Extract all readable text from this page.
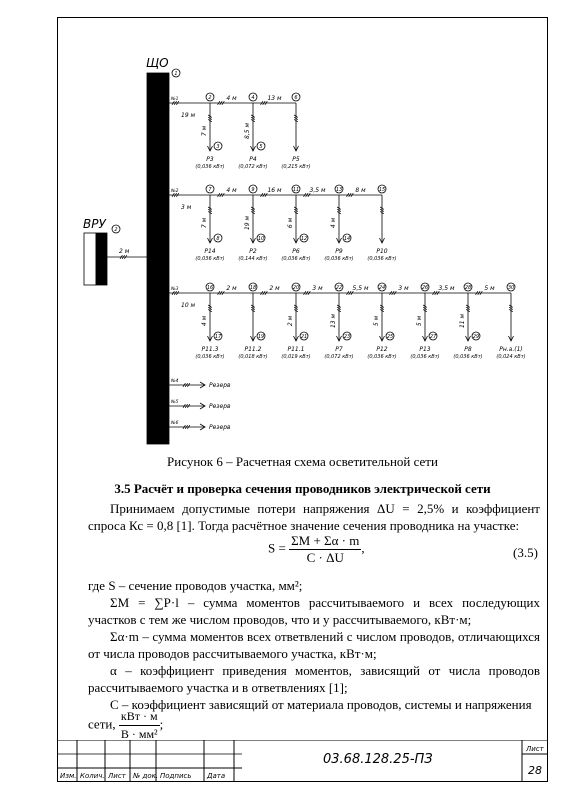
ЩО
1
ВРУ 2
2 м
№1
19 м
2
7 м
3
P3
(0,036 кВт)
4
8,5 м
5
P4
(0,072 кВт)
6
P5
(0,215 кВт)
4 м	13 м
№2
3 м
7
7 м
8
P14
(0,036 кВт)
9
19 м
10
P2
(0,144 кВт)
11
6 м
12
P6
(0,036 кВт)
13
4 м
14
P9
(0,036 кВт)
15
P10
(0,036 кВт)
4 м	16 м	3,5 м	8 м
№3
10 м
16
4 м
17
P11.3
(0,036 кВт)
18
19
P11.2
(0,018 кВт)
20
2 м
21
P11.1
(0,019 кВт)
22
13 м
23
P7
(0,072 кВт)
24
5 м
25
P12
(0,036 кВт)
26
5 м
27
P13
(0,036 кВт)
28
11 м
29
P8
(0,036 кВт)
30
Рн.а.(1)
(0,024 кВт)
2 м	2 м	3 м	5,5 м	3 м	3,5 м	5 м
№4
Резерв
№5
Резерв
№6
Резерв
Рисунок 6 – Расчетная схема осветительной сети
3.5 Расчёт и проверка сечения проводников электрической сети
Принимаем допустимые потери напряжения ΔU = 2,5% и коэффициент спроса Кс = 0,8 [1]. Тогда расчётное значение сечения проводника на участке:
$S = \frac{\Sigma M + \Sigma\alpha \cdot m}{C \cdot \Delta U}$ ,	(3.5)
где S – сечение проводов участка, мм²;
ΣM = ∑P·l – сумма моментов рассчитываемого и всех последующих участков с тем же числом проводов, что и у рассчитываемого, кВт·м;
Σα·m – сумма моментов всех ответвлений с числом проводов, отличающихся от числа проводов рассчитываемого участка, кВт·м;
α – коэффициент приведения моментов, зависящий от числа проводов рассчитываемого участка и в ответвлениях [1];
С – коэффициент зависящий от материала проводов, системы и напряжения
сети, $\frac{\text{кВт · м}}{\text{В · мм²}}$ ;
Изм. Колич. Лист № док. Подпись Дата
03.68.128.25-ПЗ
Лист
28
